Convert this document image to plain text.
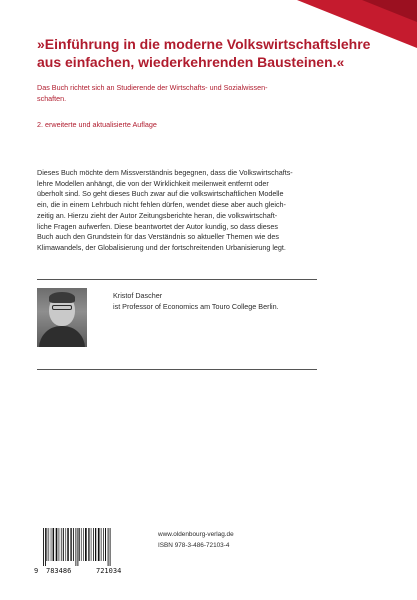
»Einführung in die moderne Volkswirtschaftslehre
aus einfachen, wiederkehrenden Bausteinen.«
Das Buch richtet sich an Studierende der Wirtschafts- und Sozialwissen-
schaften.
2. erweiterte und aktualisierte Auflage
Dieses Buch möchte dem Missverständnis begegnen, dass die Volkswirtschafts-
lehre Modellen anhängt, die von der Wirklichkeit meilenweit entfernt oder
überholt sind. So geht dieses Buch zwar auf die volkswirtschaftlichen Modelle
ein, die in einem Lehrbuch nicht fehlen dürfen, wendet diese aber auch gleich-
zeitig an. Hierzu zieht der Autor Zeitungsberichte heran, die volkswirtschaft-
liche Fragen aufwerfen. Diese beantwortet der Autor kundig, so dass dieses
Buch auch den Grundstein für das Verständnis so aktueller Themen wie des
Klimawandels, der Globalisierung und der fortschreitenden Urbanisierung legt.
Kristof Dascher
ist Professor of Economics am Touro College Berlin.
9 783486	721034
www.oldenbourg-verlag.de
ISBN 978-3-486-72103-4
